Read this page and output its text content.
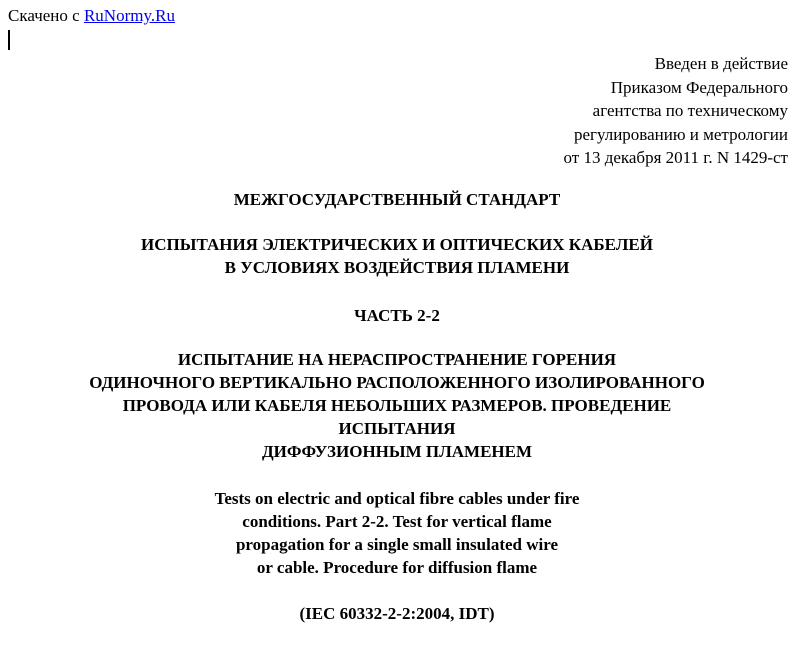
Скачено с RuNormy.Ru
Введен в действие
Приказом Федерального
агентства по техническому
регулированию и метрологии
от 13 декабря 2011 г. N 1429-ст
МЕЖГОСУДАРСТВЕННЫЙ СТАНДАРТ
ИСПЫТАНИЯ ЭЛЕКТРИЧЕСКИХ И ОПТИЧЕСКИХ КАБЕЛЕЙ
В УСЛОВИЯХ ВОЗДЕЙСТВИЯ ПЛАМЕНИ
ЧАСТЬ 2-2
ИСПЫТАНИЕ НА НЕРАСПРОСТРАНЕНИЕ ГОРЕНИЯ
ОДИНОЧНОГО ВЕРТИКАЛЬНО РАСПОЛОЖЕННОГО ИЗОЛИРОВАННОГО
ПРОВОДА ИЛИ КАБЕЛЯ НЕБОЛЬШИХ РАЗМЕРОВ. ПРОВЕДЕНИЕ
ИСПЫТАНИЯ
ДИФФУЗИОННЫМ ПЛАМЕНЕМ
Tests on electric and optical fibre cables under fire
conditions. Part 2-2. Test for vertical flame
propagation for a single small insulated wire
or cable. Procedure for diffusion flame
(IEC 60332-2-2:2004, IDT)
